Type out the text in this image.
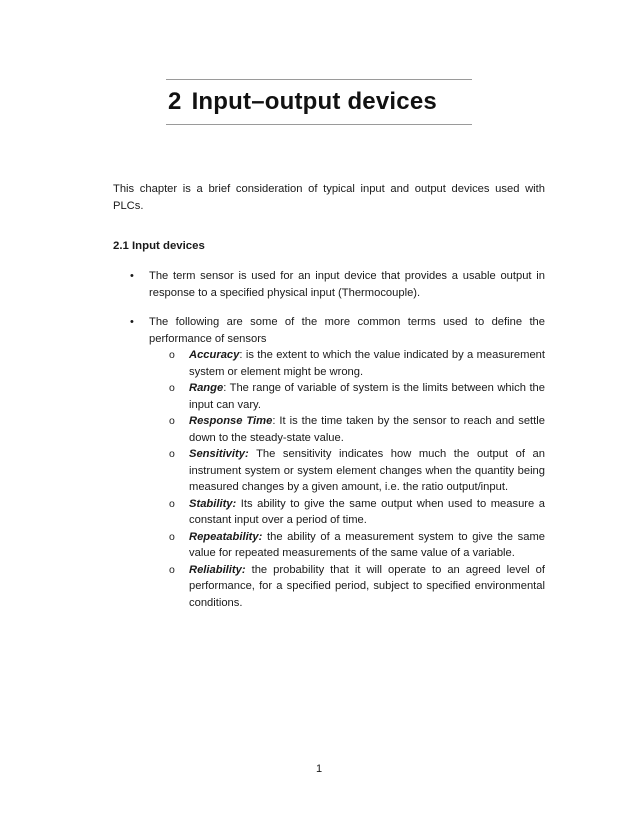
2 Input–output devices

This chapter is a brief consideration of typical input and output devices used with PLCs.

2.1 Input devices
• The term sensor is used for an input device that provides a usable output in response to a specified physical input (Thermocouple).
• The following are some of the more common terms used to define the performance of sensors
o Accuracy: is the extent to which the value indicated by a measurement system or element might be wrong.
o Range: The range of variable of system is the limits between which the input can vary.
o Response Time: It is the time taken by the sensor to reach and settle down to the steady-state value.
o Sensitivity: The sensitivity indicates how much the output of an instrument system or system element changes when the quantity being measured changes by a given amount, i.e. the ratio output/input.
o Stability: Its ability to give the same output when used to measure a constant input over a period of time.
o Repeatability: the ability of a measurement system to give the same value for repeated measurements of the same value of a variable.
o Reliability: the probability that it will operate to an agreed level of performance, for a specified period, subject to specified environmental conditions.
1
